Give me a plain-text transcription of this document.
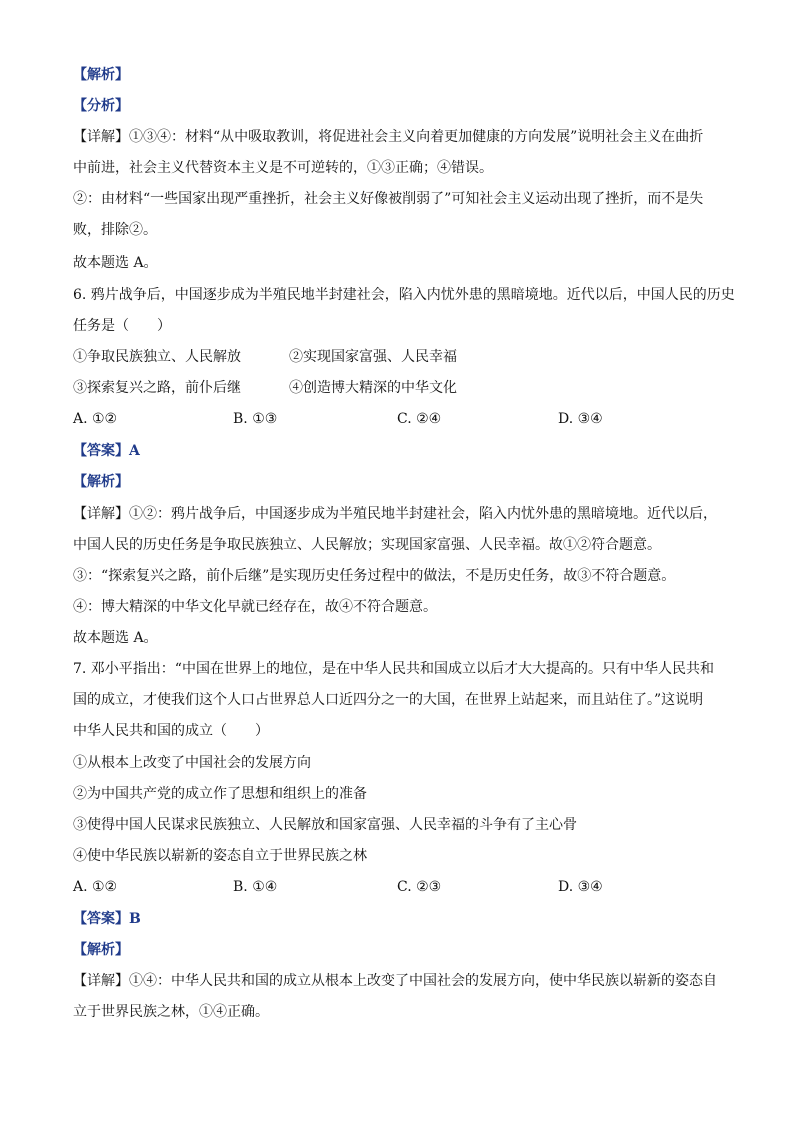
【解析】
【分析】
【详解】①③④：材料“从中吸取教训，将促进社会主义向着更加健康的方向发展”说明社会主义在曲折
中前进，社会主义代替资本主义是不可逆转的，①③正确；④错误。
②：由材料“一些国家出现严重挫折，社会主义好像被削弱了”可知社会主义运动出现了挫折，而不是失
败，排除②。
故本题选 A。
6. 鸦片战争后，中国逐步成为半殖民地半封建社会，陷入内忧外患的黑暗境地。近代以后，中国人民的历史
任务是（　　）
①争取民族独立、人民解放	②实现国家富强、人民幸福
③探索复兴之路，前仆后继	④创造博大精深的中华文化
A. ①②	B. ①③	C. ②④	D. ③④
【答案】A
【解析】
【详解】①②：鸦片战争后，中国逐步成为半殖民地半封建社会，陷入内忧外患的黑暗境地。近代以后，
中国人民的历史任务是争取民族独立、人民解放；实现国家富强、人民幸福。故①②符合题意。
③：“探索复兴之路，前仆后继”是实现历史任务过程中的做法，不是历史任务，故③不符合题意。
④：博大精深的中华文化早就已经存在，故④不符合题意。
故本题选 A。
7. 邓小平指出：“中国在世界上的地位，是在中华人民共和国成立以后才大大提高的。只有中华人民共和
国的成立，才使我们这个人口占世界总人口近四分之一的大国，在世界上站起来，而且站住了。”这说明
中华人民共和国的成立（　　）
①从根本上改变了中国社会的发展方向
②为中国共产党的成立作了思想和组织上的准备
③使得中国人民谋求民族独立、人民解放和国家富强、人民幸福的斗争有了主心骨
④使中华民族以崭新的姿态自立于世界民族之林
A. ①②	B. ①④	C. ②③	D. ③④
【答案】B
【解析】
【详解】①④：中华人民共和国的成立从根本上改变了中国社会的发展方向，使中华民族以崭新的姿态自
立于世界民族之林，①④正确。
